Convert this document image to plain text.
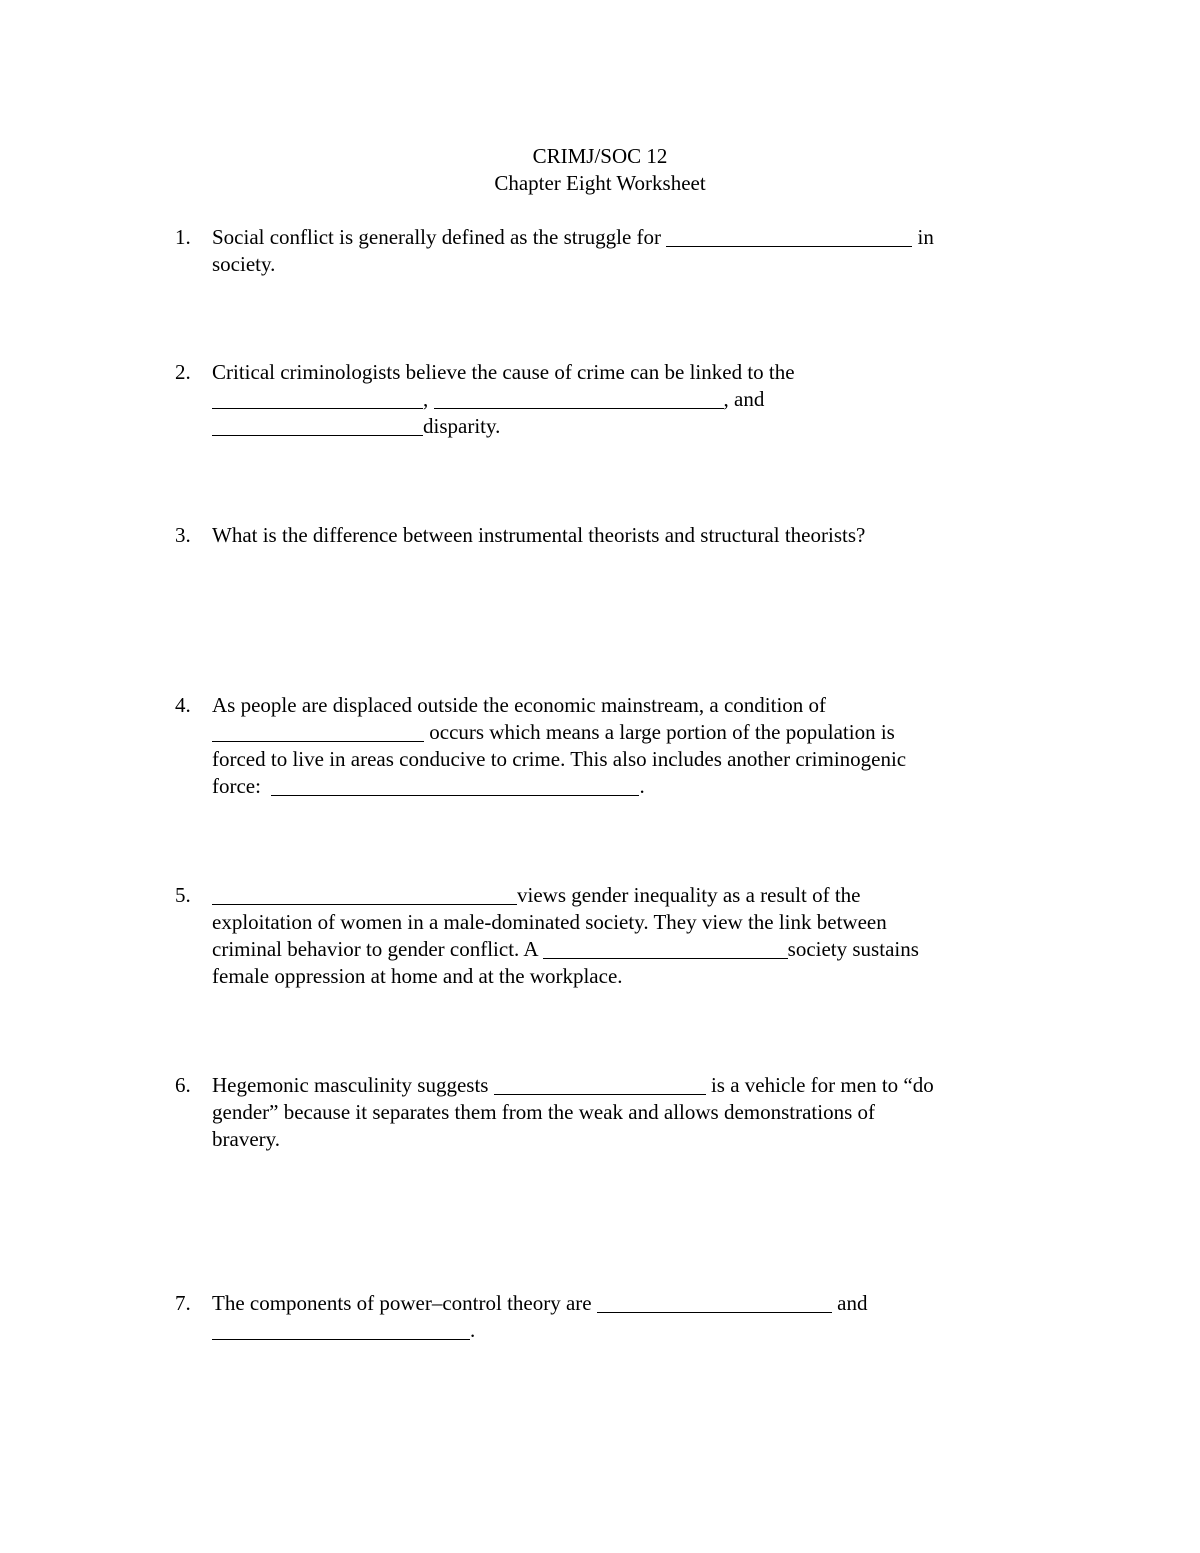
CRIMJ/SOC 12
Chapter Eight Worksheet
1.	Social conflict is generally defined as the struggle for	in
society.
2.	Critical criminologists believe the cause of crime can be linked to the
,	, and
disparity.
3.	What is the difference between instrumental theorists and structural theorists?
4.	As people are displaced outside the economic mainstream, a condition of
occurs which means a large portion of the population is
forced to live in areas conducive to crime. This also includes another criminogenic
force:	.
5.	views gender inequality as a result of the
exploitation of women in a male-dominated society. They view the link between
criminal behavior to gender conflict. A	society sustains
female oppression at home and at the workplace.
6.	Hegemonic masculinity suggests	is a vehicle for men to “do
gender” because it separates them from the weak and allows demonstrations of
bravery.
7.	The components of power–control theory are	and
.
